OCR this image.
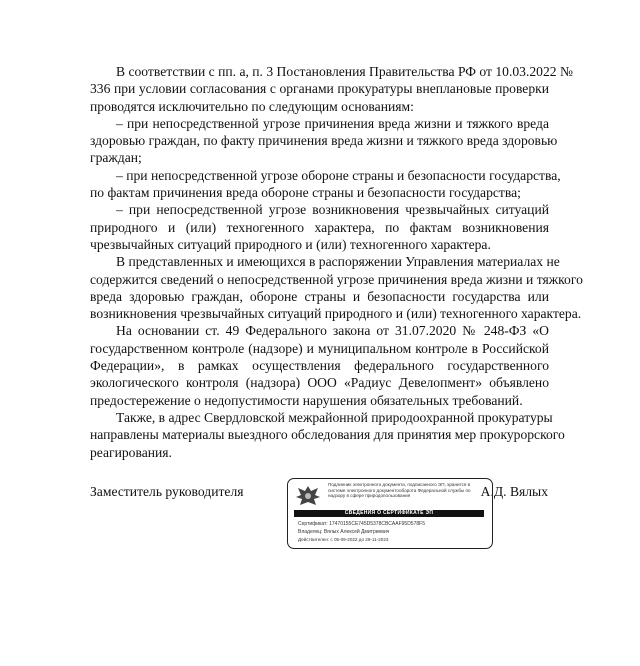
В соответствии с пп. а, п. 3 Постановления Правительства РФ от 10.03.2022 №
336 при условии согласования с органами прокуратуры внеплановые проверки
проводятся исключительно по следующим основаниям:
– при непосредственной угрозе причинения вреда жизни и тяжкого вреда
здоровью граждан, по факту причинения вреда жизни и тяжкого вреда здоровью
граждан;
– при непосредственной угрозе обороне страны и безопасности государства,
по фактам причинения вреда обороне страны и безопасности государства;
– при непосредственной угрозе возникновения чрезвычайных ситуаций
природного и (или) техногенного характера, по фактам возникновения
чрезвычайных ситуаций природного и (или) техногенного характера.
В представленных и имеющихся в распоряжении Управления материалах не
содержится сведений о непосредственной угрозе причинения вреда жизни и тяжкого
вреда здоровью граждан, обороне страны и безопасности государства или
возникновения чрезвычайных ситуаций природного и (или) техногенного характера.
На основании ст. 49 Федерального закона от 31.07.2020 № 248-ФЗ «О
государственном контроле (надзоре) и муниципальном контроле в Российской
Федерации», в рамках осуществления федерального государственного
экологического контроля (надзора) ООО «Радиус Девелопмент» объявлено
предостережение о недопустимости нарушения обязательных требований.
Также, в адрес Свердловской межрайонной природоохранной прокуратуры
направлены материалы выездного обследования для принятия мер прокурорского
реагирования.
Заместитель руководителя	А.Д. Вялых
Подлинник электронного документа, подписанного ЭП, хранится в системе электронного документооборота Федеральной службы по надзору в сфере природопользования
СВЕДЕНИЯ О СЕРТИФИКАТЕ ЭП
Сертификат: 17470155CE745D5378CBCAAF95D578F5
Владелец: Вялых Алексей Дмитриевич
Действителен: с 05-09-2022 до 29-11-2023
